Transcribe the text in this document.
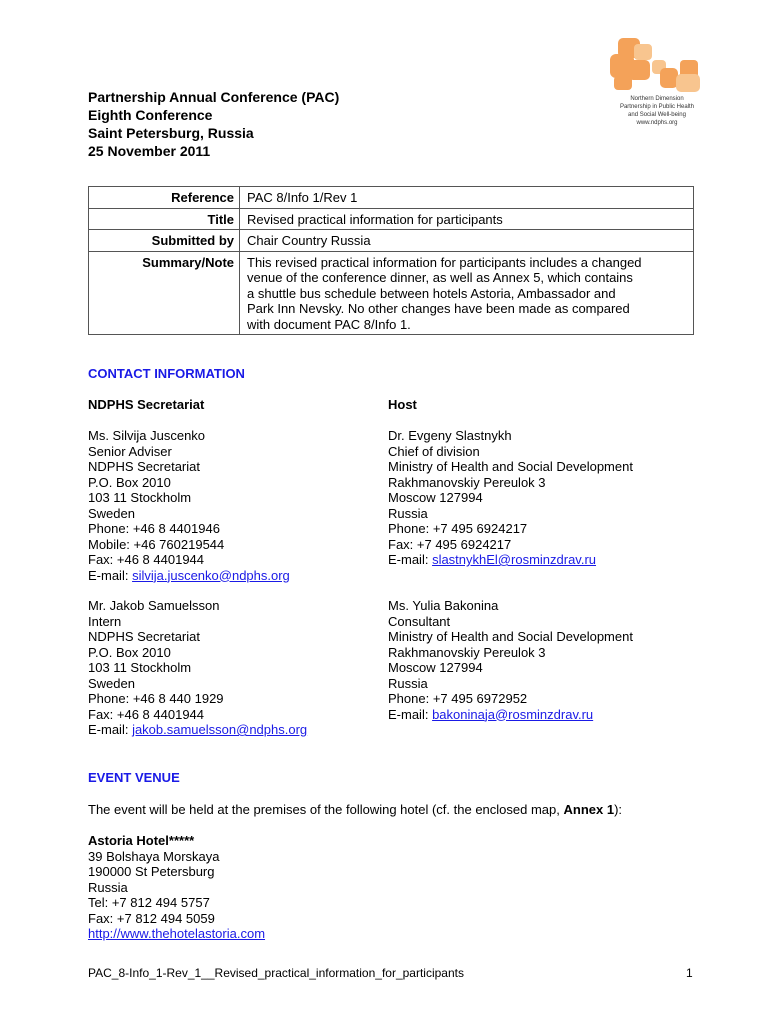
Partnership Annual Conference (PAC)
Eighth Conference
Saint Petersburg, Russia
25 November 2011
Northern Dimension
Partnership in Public Health
and Social Well-being
www.ndphs.org
Reference	PAC 8/Info 1/Rev 1
Title	Revised practical information for participants
Submitted by	Chair Country Russia
Summary/Note	This revised practical information for participants includes a changed
venue of the conference dinner, as well as Annex 5, which contains
a shuttle bus schedule between hotels Astoria, Ambassador and
Park Inn Nevsky. No other changes have been made as compared
with document PAC 8/Info 1.
CONTACT INFORMATION
NDPHS Secretariat	Host
Ms. Silvija Juscenko
Senior Adviser
NDPHS Secretariat
P.O. Box 2010
103 11 Stockholm
Sweden
Phone: +46 8 4401946
Mobile: +46 760219544
Fax: +46 8 4401944
E-mail: silvija.juscenko@ndphs.org
Dr. Evgeny Slastnykh
Chief of division
Ministry of Health and Social Development
Rakhmanovskiy Pereulok 3
Moscow 127994
Russia
Phone: +7 495 6924217
Fax: +7 495 6924217
E-mail: slastnykhEl@rosminzdrav.ru
Mr. Jakob Samuelsson
Intern
NDPHS Secretariat
P.O. Box 2010
103 11 Stockholm
Sweden
Phone: +46 8 440 1929
Fax: +46 8 4401944
E-mail: jakob.samuelsson@ndphs.org
Ms. Yulia Bakonina
Consultant
Ministry of Health and Social Development
Rakhmanovskiy Pereulok 3
Moscow 127994
Russia
Phone: +7 495 6972952
E-mail: bakoninaja@rosminzdrav.ru
EVENT VENUE
The event will be held at the premises of the following hotel (cf. the enclosed map, Annex 1):
Astoria Hotel*****
39 Bolshaya Morskaya
190000 St Petersburg
Russia
Tel: +7 812 494 5757
Fax: +7 812 494 5059
http://www.thehotelastoria.com
PAC_8-Info_1-Rev_1__Revised_practical_information_for_participants	1
